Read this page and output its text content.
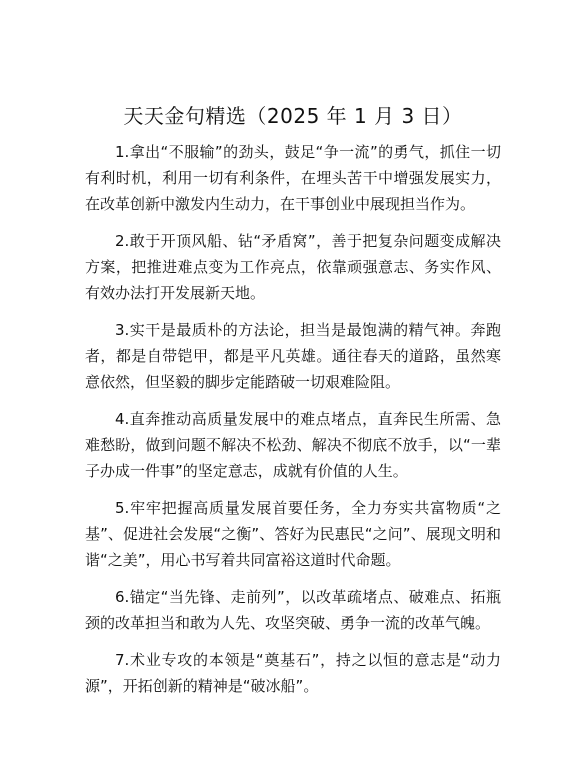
天天金句精选（2025 年 1 月 3 日）

1.拿出“不服输”的劲头，鼓足“争一流”的勇气，抓住一切有利时机，利用一切有利条件，在埋头苦干中增强发展实力，在改革创新中激发内生动力，在干事创业中展现担当作为。

2.敢于开顶风船、钻“矛盾窝”，善于把复杂问题变成解决方案，把推进难点变为工作亮点，依靠顽强意志、务实作风、有效办法打开发展新天地。

3.实干是最质朴的方法论，担当是最饱满的精气神。奔跑者，都是自带铠甲，都是平凡英雄。通往春天的道路，虽然寒意依然，但坚毅的脚步定能踏破一切艰难险阻。

4.直奔推动高质量发展中的难点堵点，直奔民生所需、急难愁盼，做到问题不解决不松劲、解决不彻底不放手，以“一辈子办成一件事”的坚定意志，成就有价值的人生。

5.牢牢把握高质量发展首要任务，全力夯实共富物质“之基”、促进社会发展“之衡”、答好为民惠民“之问”、展现文明和谐“之美”，用心书写着共同富裕这道时代命题。

6.锚定“当先锋、走前列”，以改革疏堵点、破难点、拓瓶颈的改革担当和敢为人先、攻坚突破、勇争一流的改革气魄。

7.术业专攻的本领是“奠基石”，持之以恒的意志是“动力源”，开拓创新的精神是“破冰船”。
